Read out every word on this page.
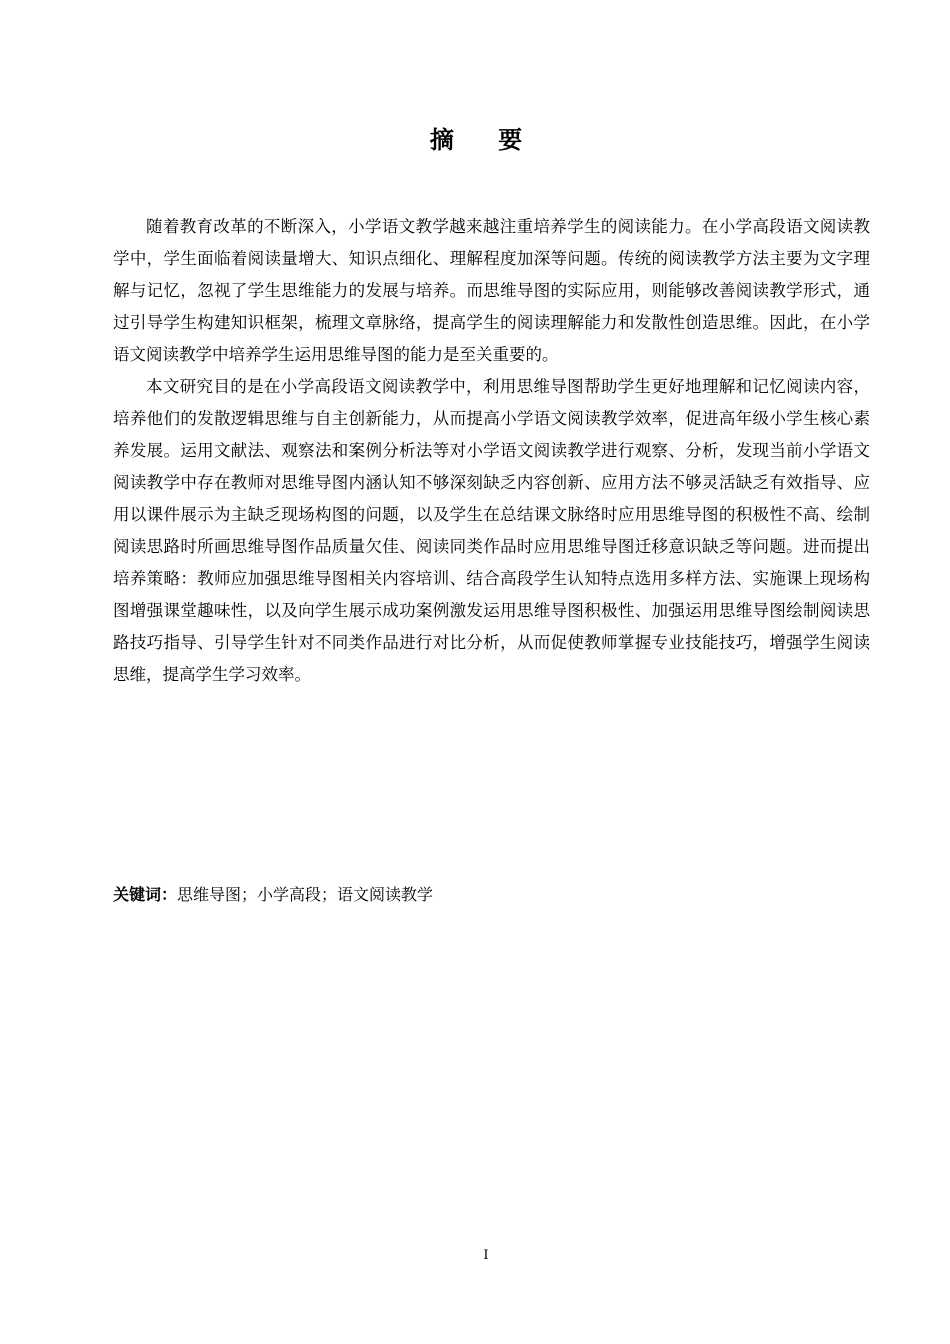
摘 要

随着教育改革的不断深入，小学语文教学越来越注重培养学生的阅读能力。在小学高段语文阅读教学中，学生面临着阅读量增大、知识点细化、理解程度加深等问题。传统的阅读教学方法主要为文字理解与记忆，忽视了学生思维能力的发展与培养。而思维导图的实际应用，则能够改善阅读教学形式，通过引导学生构建知识框架，梳理文章脉络，提高学生的阅读理解能力和发散性创造思维。因此，在小学语文阅读教学中培养学生运用思维导图的能力是至关重要的。

本文研究目的是在小学高段语文阅读教学中，利用思维导图帮助学生更好地理解和记忆阅读内容，培养他们的发散逻辑思维与自主创新能力，从而提高小学语文阅读教学效率，促进高年级小学生核心素养发展。运用文献法、观察法和案例分析法等对小学语文阅读教学进行观察、分析，发现当前小学语文阅读教学中存在教师对思维导图内涵认知不够深刻缺乏内容创新、应用方法不够灵活缺乏有效指导、应用以课件展示为主缺乏现场构图的问题，以及学生在总结课文脉络时应用思维导图的积极性不高、绘制阅读思路时所画思维导图作品质量欠佳、阅读同类作品时应用思维导图迁移意识缺乏等问题。进而提出培养策略：教师应加强思维导图相关内容培训、结合高段学生认知特点选用多样方法、实施课上现场构图增强课堂趣味性，以及向学生展示成功案例激发运用思维导图积极性、加强运用思维导图绘制阅读思路技巧指导、引导学生针对不同类作品进行对比分析，从而促使教师掌握专业技能技巧，增强学生阅读思维，提高学生学习效率。

关键词：思维导图；小学高段；语文阅读教学
I
